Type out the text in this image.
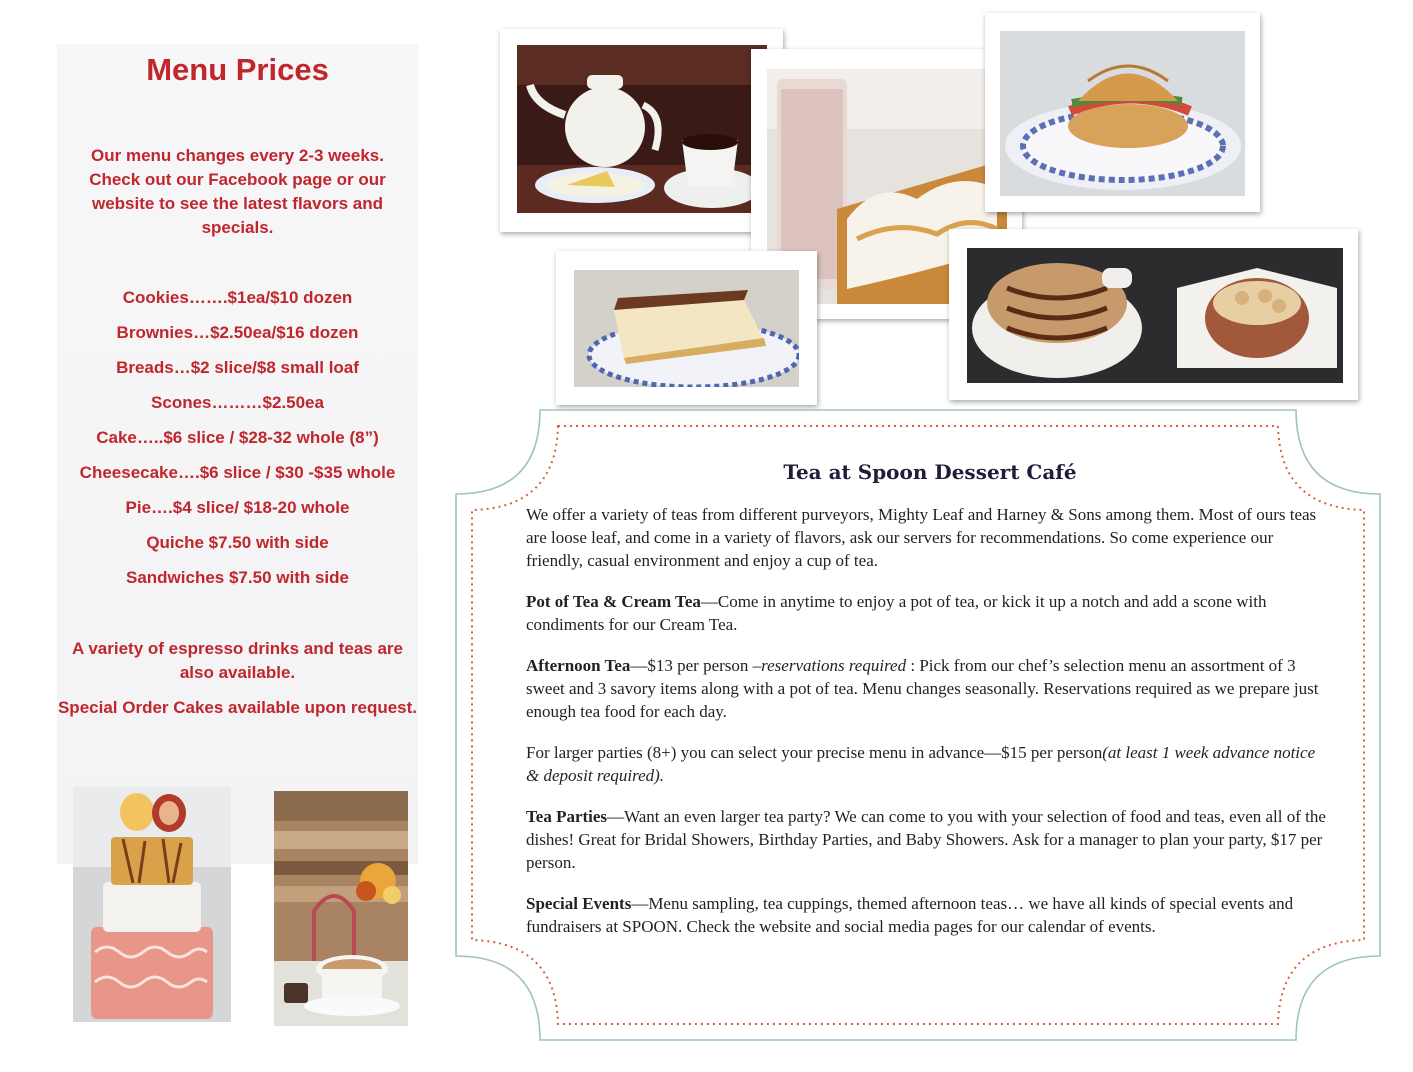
Menu Prices
Our menu changes every 2-3 weeks. Check out our Facebook page or our website to see the latest flavors and specials.
Cookies…….$1ea/$10 dozen
Brownies…$2.50ea/$16 dozen
Breads…$2 slice/$8 small loaf
Scones………$2.50ea
Cake…..$6 slice / $28-32 whole (8”)
Cheesecake….$6 slice / $30 -$35 whole
Pie….$4 slice/ $18-20 whole
Quiche $7.50 with side
Sandwiches $7.50 with side
A variety of espresso drinks and teas are also available.
Special Order Cakes available upon request.
Tea at Spoon Dessert Café

We offer a variety of teas from different purveyors, Mighty Leaf and Harney & Sons among them. Most of ours teas are loose leaf, and come in a variety of flavors, ask our servers for recommendations. So come experience our friendly, casual environment and enjoy a cup of tea.

Pot of Tea & Cream Tea—Come in anytime to enjoy a pot of tea, or kick it up a notch and add a scone with condiments for our Cream Tea.

Afternoon Tea—$13 per person –reservations required : Pick from our chef’s selection menu an assortment of 3 sweet and 3 savory items along with a pot of tea. Menu changes seasonally. Reservations required as we prepare just enough tea food for each day.

For larger parties (8+) you can select your precise menu in advance—$15 per person(at least 1 week advance notice & deposit required).

Tea Parties—Want an even larger tea party? We can come to you with your selection of food and teas, even all of the dishes! Great for Bridal Showers, Birthday Parties, and Baby Showers. Ask for a manager to plan your party, $17 per person.

Special Events—Menu sampling, tea cuppings, themed afternoon teas… we have all kinds of special events and fundraisers at SPOON. Check the website and social media pages for our calendar of events.
